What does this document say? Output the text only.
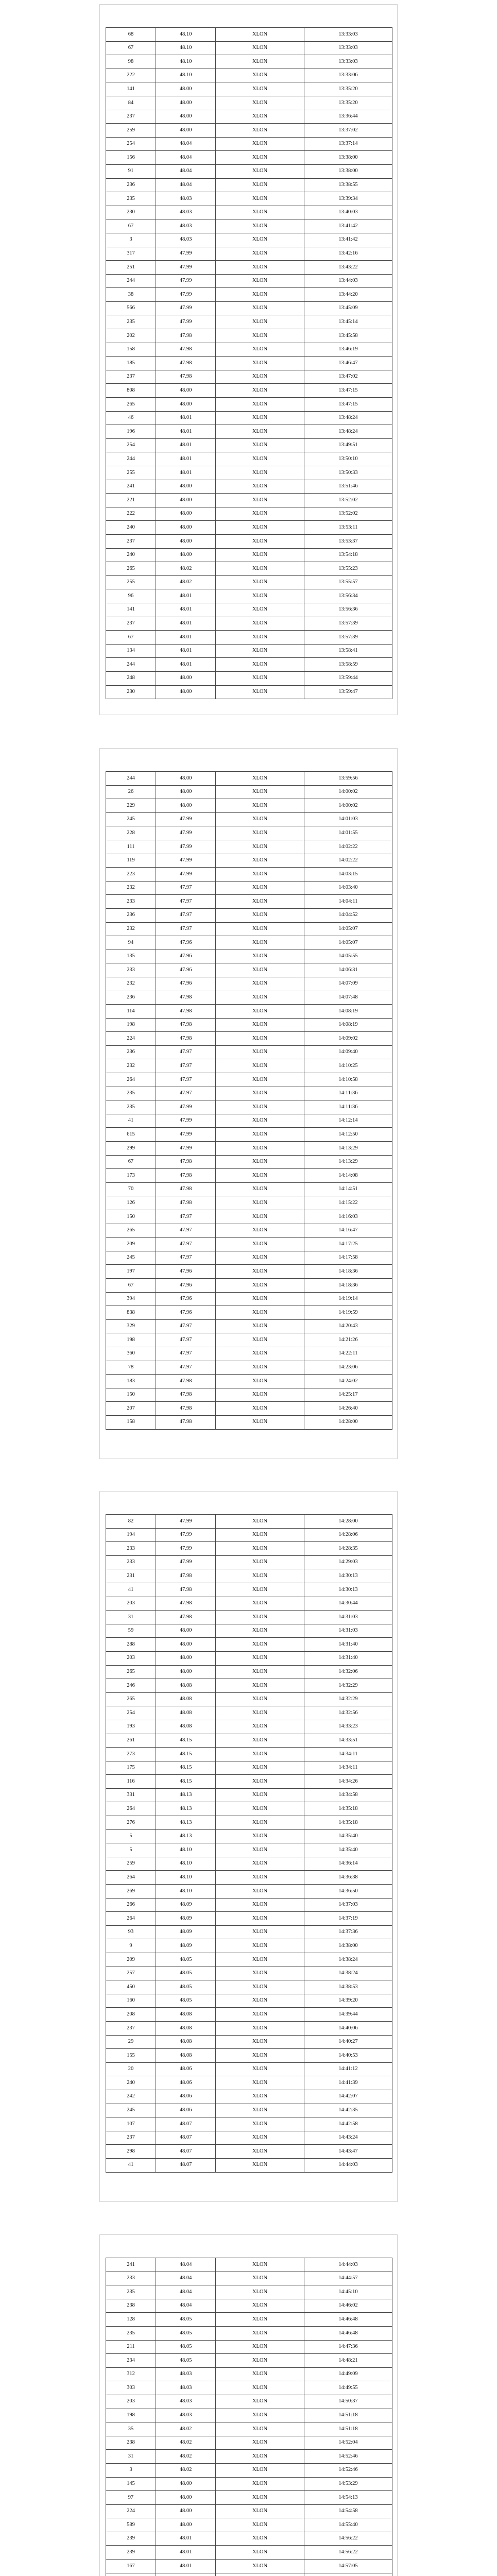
68	48.10	XLON	13:33:03
67	48.10	XLON	13:33:03
98	48.10	XLON	13:33:03
222	48.10	XLON	13:33:06
141	48.00	XLON	13:35:20
84	48.00	XLON	13:35:20
237	48.00	XLON	13:36:44
259	48.00	XLON	13:37:02
254	48.04	XLON	13:37:14
156	48.04	XLON	13:38:00
91	48.04	XLON	13:38:00
236	48.04	XLON	13:38:55
235	48.03	XLON	13:39:34
230	48.03	XLON	13:40:03
67	48.03	XLON	13:41:42
3	48.03	XLON	13:41:42
317	47.99	XLON	13:42:16
251	47.99	XLON	13:43:22
244	47.99	XLON	13:44:03
38	47.99	XLON	13:44:20
566	47.99	XLON	13:45:09
235	47.99	XLON	13:45:14
202	47.98	XLON	13:45:58
158	47.98	XLON	13:46:19
185	47.98	XLON	13:46:47
237	47.98	XLON	13:47:02
808	48.00	XLON	13:47:15
265	48.00	XLON	13:47:15
46	48.01	XLON	13:48:24
196	48.01	XLON	13:48:24
254	48.01	XLON	13:49:51
244	48.01	XLON	13:50:10
255	48.01	XLON	13:50:33
241	48.00	XLON	13:51:46
221	48.00	XLON	13:52:02
222	48.00	XLON	13:52:02
240	48.00	XLON	13:53:11
237	48.00	XLON	13:53:37
240	48.00	XLON	13:54:18
265	48.02	XLON	13:55:23
255	48.02	XLON	13:55:57
96	48.01	XLON	13:56:34
141	48.01	XLON	13:56:36
237	48.01	XLON	13:57:39
67	48.01	XLON	13:57:39
134	48.01	XLON	13:58:41
244	48.01	XLON	13:58:59
248	48.00	XLON	13:59:44
230	48.00	XLON	13:59:47
244	48.00	XLON	13:59:56
26	48.00	XLON	14:00:02
229	48.00	XLON	14:00:02
245	47.99	XLON	14:01:03
228	47.99	XLON	14:01:55
111	47.99	XLON	14:02:22
119	47.99	XLON	14:02:22
223	47.99	XLON	14:03:15
232	47.97	XLON	14:03:40
233	47.97	XLON	14:04:11
236	47.97	XLON	14:04:52
232	47.97	XLON	14:05:07
94	47.96	XLON	14:05:07
135	47.96	XLON	14:05:55
233	47.96	XLON	14:06:31
232	47.96	XLON	14:07:09
236	47.98	XLON	14:07:48
114	47.98	XLON	14:08:19
198	47.98	XLON	14:08:19
224	47.98	XLON	14:09:02
236	47.97	XLON	14:09:40
232	47.97	XLON	14:10:25
264	47.97	XLON	14:10:58
235	47.97	XLON	14:11:36
235	47.99	XLON	14:11:36
41	47.99	XLON	14:12:14
615	47.99	XLON	14:12:50
299	47.99	XLON	14:13:29
67	47.98	XLON	14:13:29
173	47.98	XLON	14:14:08
70	47.98	XLON	14:14:51
126	47.98	XLON	14:15:22
150	47.97	XLON	14:16:03
265	47.97	XLON	14:16:47
209	47.97	XLON	14:17:25
245	47.97	XLON	14:17:58
197	47.96	XLON	14:18:36
67	47.96	XLON	14:18:36
394	47.96	XLON	14:19:14
838	47.96	XLON	14:19:59
329	47.97	XLON	14:20:43
198	47.97	XLON	14:21:26
360	47.97	XLON	14:22:11
78	47.97	XLON	14:23:06
183	47.98	XLON	14:24:02
150	47.98	XLON	14:25:17
207	47.98	XLON	14:26:40
158	47.98	XLON	14:28:00
82	47.99	XLON	14:28:00
194	47.99	XLON	14:28:06
233	47.99	XLON	14:28:35
233	47.99	XLON	14:29:03
231	47.98	XLON	14:30:13
41	47.98	XLON	14:30:13
203	47.98	XLON	14:30:44
31	47.98	XLON	14:31:03
59	48.00	XLON	14:31:03
288	48.00	XLON	14:31:40
203	48.00	XLON	14:31:40
265	48.00	XLON	14:32:06
246	48.08	XLON	14:32:29
265	48.08	XLON	14:32:29
254	48.08	XLON	14:32:56
193	48.08	XLON	14:33:23
261	48.15	XLON	14:33:51
273	48.15	XLON	14:34:11
175	48.15	XLON	14:34:11
116	48.15	XLON	14:34:26
331	48.13	XLON	14:34:58
264	48.13	XLON	14:35:18
276	48.13	XLON	14:35:18
5	48.13	XLON	14:35:40
5	48.10	XLON	14:35:40
259	48.10	XLON	14:36:14
264	48.10	XLON	14:36:38
269	48.10	XLON	14:36:50
266	48.09	XLON	14:37:03
264	48.09	XLON	14:37:19
93	48.09	XLON	14:37:36
9	48.09	XLON	14:38:00
209	48.05	XLON	14:38:24
257	48.05	XLON	14:38:24
450	48.05	XLON	14:38:53
160	48.05	XLON	14:39:20
208	48.08	XLON	14:39:44
237	48.08	XLON	14:40:06
29	48.08	XLON	14:40:27
155	48.08	XLON	14:40:53
20	48.06	XLON	14:41:12
240	48.06	XLON	14:41:39
242	48.06	XLON	14:42:07
245	48.06	XLON	14:42:35
107	48.07	XLON	14:42:58
237	48.07	XLON	14:43:24
298	48.07	XLON	14:43:47
41	48.07	XLON	14:44:03
241	48.04	XLON	14:44:03
233	48.04	XLON	14:44:57
235	48.04	XLON	14:45:10
238	48.04	XLON	14:46:02
128	48.05	XLON	14:46:48
235	48.05	XLON	14:46:48
211	48.05	XLON	14:47:36
234	48.05	XLON	14:48:21
312	48.03	XLON	14:49:09
303	48.03	XLON	14:49:55
203	48.03	XLON	14:50:37
198	48.03	XLON	14:51:18
35	48.02	XLON	14:51:18
238	48.02	XLON	14:52:04
31	48.02	XLON	14:52:46
3	48.02	XLON	14:52:46
145	48.00	XLON	14:53:29
97	48.00	XLON	14:54:13
224	48.00	XLON	14:54:58
589	48.00	XLON	14:55:40
239	48.01	XLON	14:56:22
239	48.01	XLON	14:56:22
167	48.01	XLON	14:57:05
